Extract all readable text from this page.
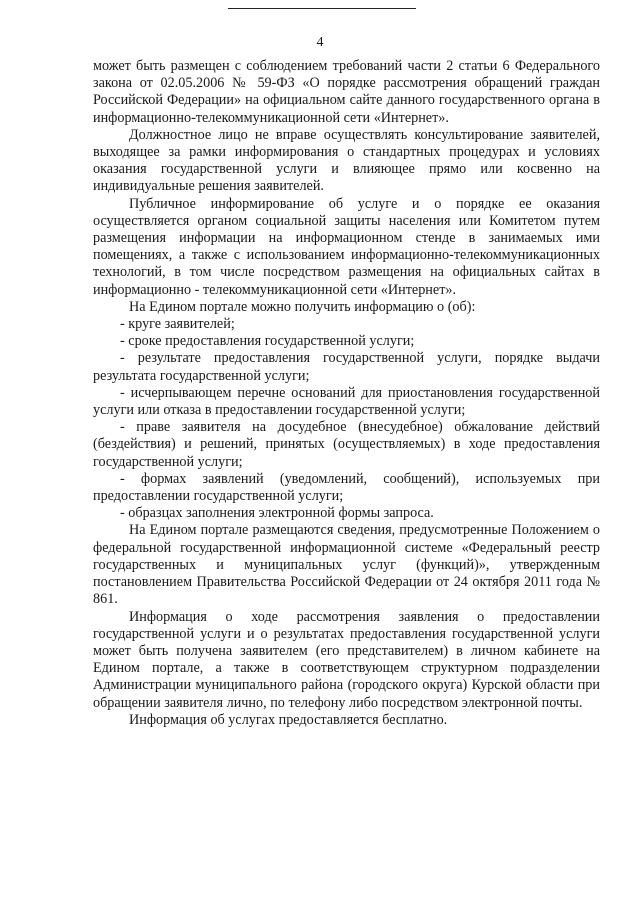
4

может быть размещен с соблюдением требований части 2 статьи 6 Федерального закона от 02.05.2006 № 59-ФЗ «О порядке рассмотрения обращений граждан Российской Федерации» на официальном сайте данного государственного органа в информационно-телекоммуникационной сети «Интернет».

Должностное лицо не вправе осуществлять консультирование заявителей, выходящее за рамки информирования о стандартных процедурах и условиях оказания государственной услуги и влияющее прямо или косвенно на индивидуальные решения заявителей.

Публичное информирование об услуге и о порядке ее оказания осуществляется органом социальной защиты населения или Комитетом путем размещения информации на информационном стенде в занимаемых ими помещениях, а также с использованием информационно-телекоммуникационных технологий, в том числе посредством размещения на официальных сайтах в информационно - телекоммуникационной сети «Интернет».

На Едином портале можно получить информацию о (об):

- круге заявителей;

- сроке предоставления государственной услуги;

- результате предоставления государственной услуги, порядке выдачи результата государственной услуги;

- исчерпывающем перечне оснований для приостановления государственной услуги или отказа в предоставлении государственной услуги;

- праве заявителя на досудебное (внесудебное) обжалование действий (бездействия) и решений, принятых (осуществляемых) в ходе предоставления государственной услуги;

- формах заявлений (уведомлений, сообщений), используемых при предоставлении государственной услуги;

- образцах заполнения электронной формы запроса.

На Едином портале размещаются сведения, предусмотренные Положением о федеральной государственной информационной системе «Федеральный реестр государственных и муниципальных услуг (функций)», утвержденным постановлением Правительства Российской Федерации от 24 октября 2011 года № 861.

Информация о ходе рассмотрения заявления о предоставлении государственной услуги и о результатах предоставления государственной услуги может быть получена заявителем (его представителем) в личном кабинете на Едином портале, а также в соответствующем структурном подразделении Администрации муниципального района (городского округа) Курской области при обращении заявителя лично, по телефону либо посредством электронной почты.

Информация об услугах предоставляется бесплатно.
